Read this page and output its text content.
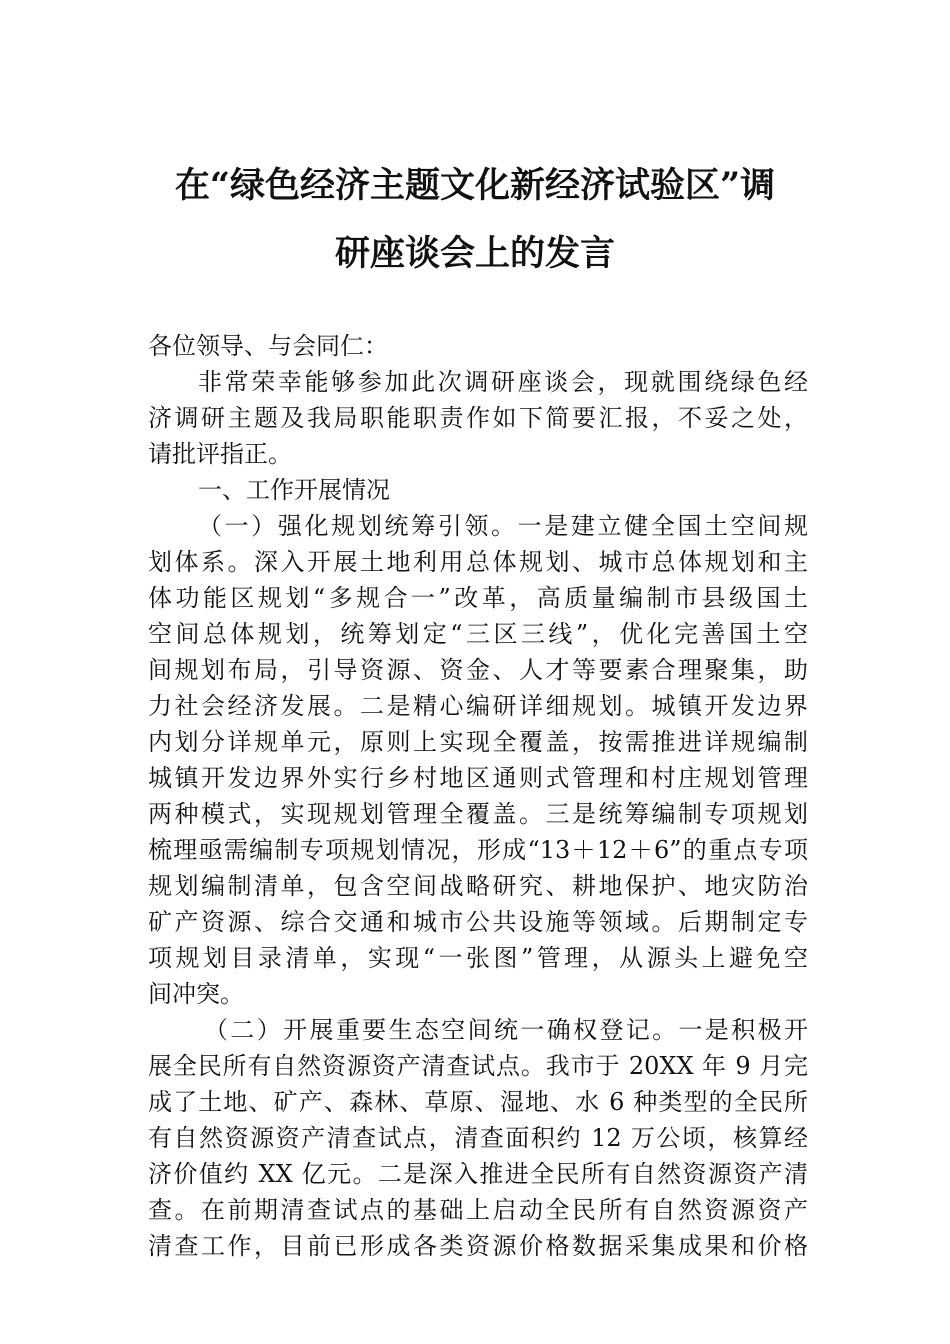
在“绿色经济主题文化新经济试验区”调
研座谈会上的发言
各位领导、与会同仁：
非常荣幸能够参加此次调研座谈会，现就围绕绿色经
济调研主题及我局职能职责作如下简要汇报，不妥之处，
请批评指正。
一、工作开展情况
（一）强化规划统筹引领。一是建立健全国土空间规
划体系。深入开展土地利用总体规划、城市总体规划和主
体功能区规划“多规合一”改革，高质量编制市县级国土
空间总体规划，统筹划定“三区三线”，优化完善国土空
间规划布局，引导资源、资金、人才等要素合理聚集，助
力社会经济发展。二是精心编研详细规划。城镇开发边界
内划分详规单元，原则上实现全覆盖，按需推进详规编制
城镇开发边界外实行乡村地区通则式管理和村庄规划管理
两种模式，实现规划管理全覆盖。三是统筹编制专项规划
梳理亟需编制专项规划情况，形成“13＋12＋6”的重点专项
规划编制清单，包含空间战略研究、耕地保护、地灾防治
矿产资源、综合交通和城市公共设施等领域。后期制定专
项规划目录清单，实现“一张图”管理，从源头上避免空
间冲突。
（二）开展重要生态空间统一确权登记。一是积极开
展全民所有自然资源资产清查试点。我市于 20XX 年 9 月完
成了土地、矿产、森林、草原、湿地、水 6 种类型的全民所
有自然资源资产清查试点，清查面积约 12 万公顷，核算经
济价值约 XX 亿元。二是深入推进全民所有自然资源资产清
查。在前期清查试点的基础上启动全民所有自然资源资产
清查工作，目前已形成各类资源价格数据采集成果和价格
